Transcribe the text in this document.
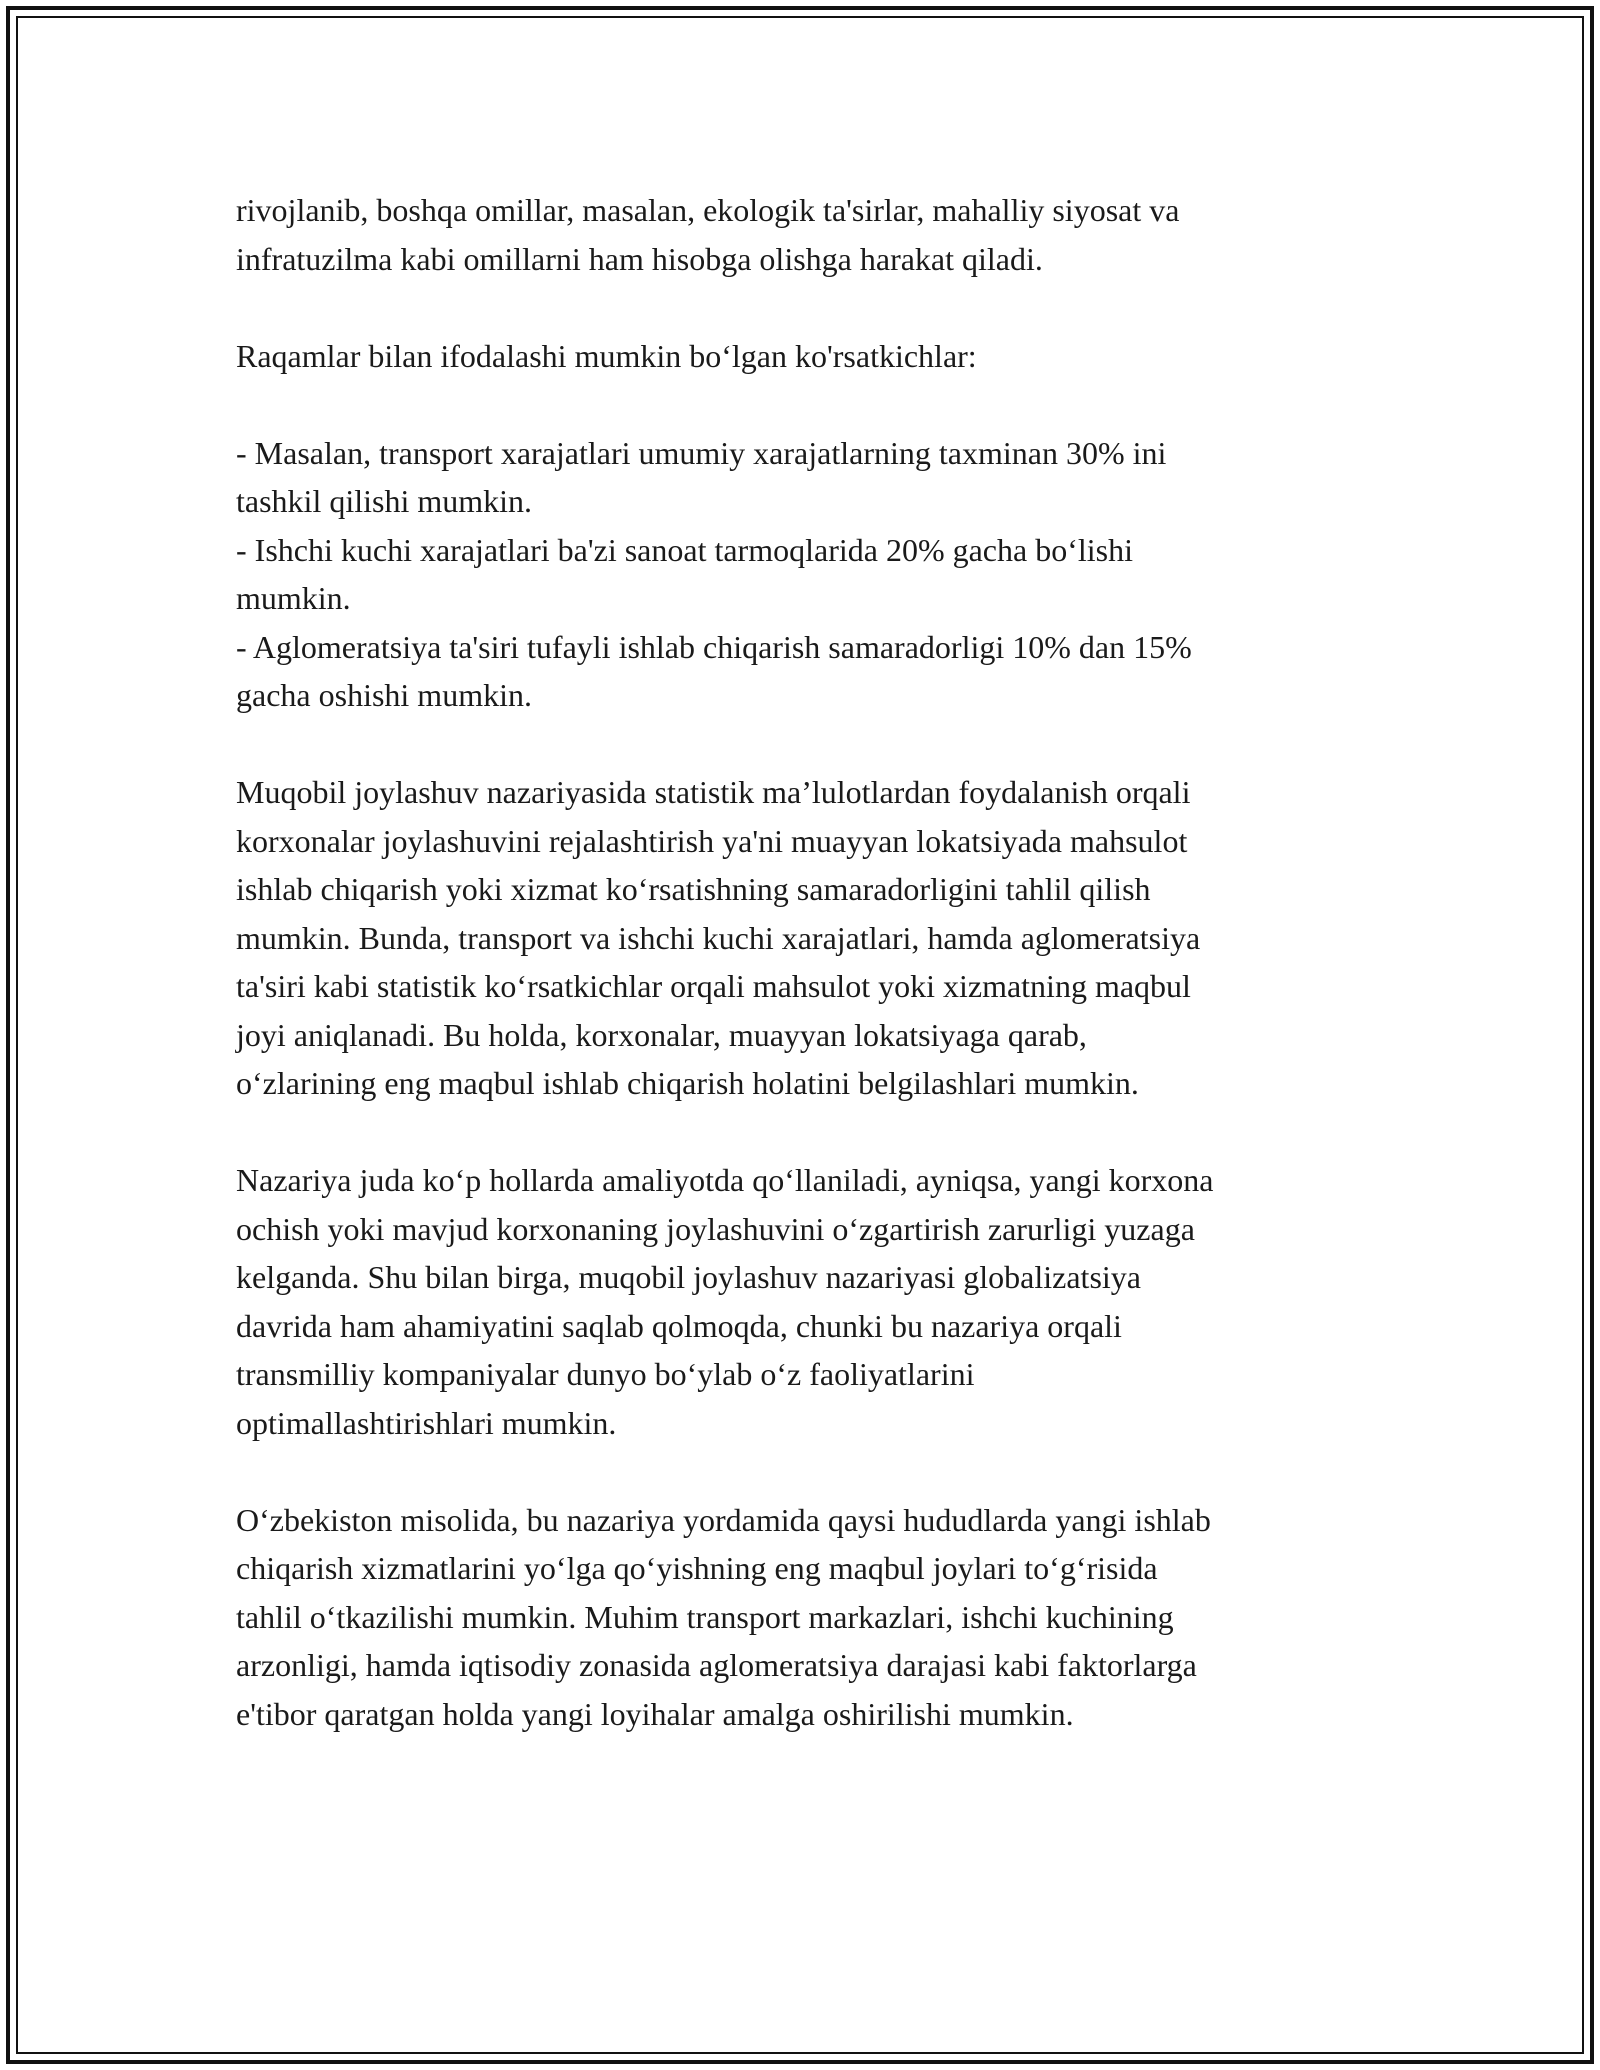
rivojlanib, boshqa omillar, masalan, ekologik ta'sirlar, mahalliy siyosat va
infratuzilma kabi omillarni ham hisobga olishga harakat qiladi.

Raqamlar bilan ifodalashi mumkin bo‘lgan ko'rsatkichlar:

- Masalan, transport xarajatlari umumiy xarajatlarning taxminan 30% ini
tashkil qilishi mumkin.
- Ishchi kuchi xarajatlari ba'zi sanoat tarmoqlarida 20% gacha bo‘lishi
mumkin.
- Aglomeratsiya ta'siri tufayli ishlab chiqarish samaradorligi 10% dan 15%
gacha oshishi mumkin.

Muqobil joylashuv nazariyasida statistik ma’lulotlardan foydalanish orqali
korxonalar joylashuvini rejalashtirish ya'ni muayyan lokatsiyada mahsulot
ishlab chiqarish yoki xizmat ko‘rsatishning samaradorligini tahlil qilish
mumkin. Bunda, transport va ishchi kuchi xarajatlari, hamda aglomeratsiya
ta'siri kabi statistik ko‘rsatkichlar orqali mahsulot yoki xizmatning maqbul
joyi aniqlanadi. Bu holda, korxonalar, muayyan lokatsiyaga qarab,
o‘zlarining eng maqbul ishlab chiqarish holatini belgilashlari mumkin.

Nazariya juda ko‘p hollarda amaliyotda qo‘llaniladi, ayniqsa, yangi korxona
ochish yoki mavjud korxonaning joylashuvini o‘zgartirish zarurligi yuzaga
kelganda. Shu bilan birga, muqobil joylashuv nazariyasi globalizatsiya
davrida ham ahamiyatini saqlab qolmoqda, chunki bu nazariya orqali
transmilliy kompaniyalar dunyo bo‘ylab o‘z faoliyatlarini
optimallashtirishlari mumkin.

O‘zbekiston misolida, bu nazariya yordamida qaysi hududlarda yangi ishlab
chiqarish xizmatlarini yo‘lga qo‘yishning eng maqbul joylari to‘g‘risida
tahlil o‘tkazilishi mumkin. Muhim transport markazlari, ishchi kuchining
arzonligi, hamda iqtisodiy zonasida aglomeratsiya darajasi kabi faktorlarga
e'tibor qaratgan holda yangi loyihalar amalga oshirilishi mumkin.
